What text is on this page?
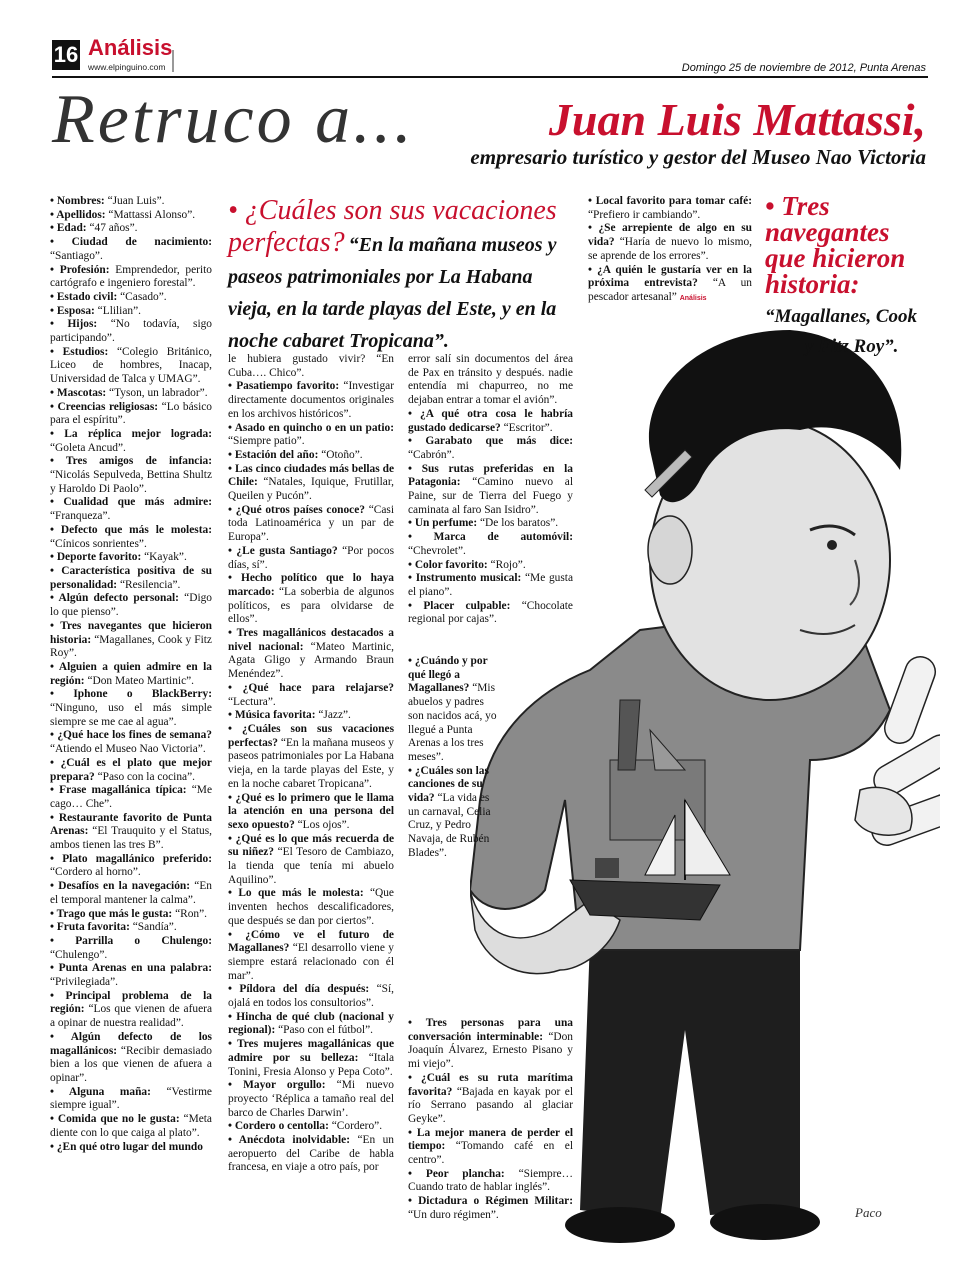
16 Análisis
www.elpinguino.com	Domingo 25 de noviembre de 2012, Punta Arenas
Retruco a...	Juan Luis Mattassi,
empresario turístico y gestor del Museo Nao Victoria

• Nombres: “Juan Luis”.

• Apellidos: “Mattassi Alonso”.

• Edad: “47 años”.

• Ciudad de nacimiento: “Santiago”.

• Profesión: Emprendedor, perito cartógrafo e ingeniero forestal”.

• Estado civil: “Casado”.

• Esposa: “Llilian”.

• Hijos: “No todavía, sigo participando”.

• Estudios: “Colegio Británico, Liceo de hombres, Inacap, Universidad de Talca y UMAG”.

• Mascotas: “Tyson, un labrador”.

• Creencias religiosas: “Lo básico para el espíritu”.

• La réplica mejor lograda: “Goleta Ancud”.

• Tres amigos de infancia: “Nicolás Sepulveda, Bettina Shultz y Haroldo Di Paolo”.

• Cualidad que más admire: “Franqueza”.

• Defecto que más le molesta: “Cínicos sonrientes”.

• Deporte favorito: “Kayak”.

• Característica positiva de su personalidad: “Resilencia”.

• Algún defecto personal: “Digo lo que pienso”.

• Tres navegantes que hicieron historia: “Magallanes, Cook y Fitz Roy”.

• Alguien a quien admire en la región: “Don Mateo Martinic”.

• Iphone o BlackBerry: “Ninguno, uso el más simple siempre se me cae al agua”.

• ¿Qué hace los fines de semana? “Atiendo el Museo Nao Victoria”.

• ¿Cuál es el plato que mejor prepara? “Paso con la cocina”.

• Frase magallánica típica: “Me cago… Che”.

• Restaurante favorito de Punta Arenas: “El Trauquito y el Status, ambos tienen las tres B”.

• Plato magallánico preferido: “Cordero al horno”.

• Desafíos en la navegación: “En el temporal mantener la calma”.

• Trago que más le gusta: “Ron”.

• Fruta favorita: “Sandía”.

• Parrilla o Chulengo: “Chulengo”.

• Punta Arenas en una palabra: “Privilegiada”.

• Principal problema de la región: “Los que vienen de afuera a opinar de nuestra realidad”.

• Algún defecto de los magallánicos: “Recibir demasiado bien a los que vienen de afuera a opinar”.

• Alguna maña: “Vestirme siempre igual”.

• Comida que no le gusta: “Meta diente con lo que caiga al plato”.

• ¿En qué otro lugar del mundo

• ¿Cuáles son sus vacaciones perfectas? “En la mañana museos y paseos patrimoniales por La Habana vieja, en la tarde playas del Este, y en la noche cabaret Tropicana”.

le hubiera gustado vivir? “En Cuba…. Chico”.

• Pasatiempo favorito: “Investigar directamente documentos originales en los archivos históricos”.

• Asado en quincho o en un patio: “Siempre patio”.

• Estación del año: “Otoño”.

• Las cinco ciudades más bellas de Chile: “Natales, Iquique, Frutillar, Queilen y Pucón”.

• ¿Qué otros países conoce? “Casi toda Latinoamérica y un par de Europa”.

• ¿Le gusta Santiago? “Por pocos días, sí”.

• Hecho político que lo haya marcado: “La soberbia de algunos políticos, es para olvidarse de ellos”.

• Tres magallánicos destacados a nivel nacional: “Mateo Martinic, Agata Gligo y Armando Braun Menéndez”.

• ¿Qué hace para relajarse? “Lectura”.

• Música favorita: “Jazz”.

• ¿Cuáles son sus vacaciones perfectas? “En la mañana museos y paseos patrimoniales por La Habana vieja, en la tarde playas del Este, y en la noche cabaret Tropicana”.

• ¿Qué es lo primero que le llama la atención en una persona del sexo opuesto? “Los ojos”.

• ¿Qué es lo que más recuerda de su niñez? “El Tesoro de Cambiazo, la tienda que tenía mi abuelo Aquilino”.

• Lo que más le molesta: “Que inventen hechos descalificadores, que después se dan por ciertos”.

• ¿Cómo ve el futuro de Magallanes? “El desarrollo viene y siempre estará relacionado con él mar”.

• Píldora del día después: “Sí, ojalá en todos los consultorios”.

• Hincha de qué club (nacional y regional): “Paso con el fútbol”.

• Tres mujeres magallánicas que admire por su belleza: “Itala Tonini, Fresia Alonso y Pepa Coto”.

• Mayor orgullo: “Mi nuevo proyecto ‘Réplica a tamaño real del barco de Charles Darwin’.

• Cordero o centolla: “Cordero”.

• Anécdota inolvidable: “En un aeropuerto del Caribe de habla francesa, en viaje a otro país, por

error salí sin documentos del área de Pax en tránsito y después. nadie entendía mi chapurreo, no me dejaban entrar a tomar el avión”.

• ¿A qué otra cosa le habría gustado dedicarse? “Escritor”.

• Garabato que más dice: “Cabrón”.

• Sus rutas preferidas en la Patagonia: “Camino nuevo al Paine, sur de Tierra del Fuego y caminata al faro San Isidro”.

• Un perfume: “De los baratos”.

• Marca de automóvil: “Chevrolet”.

• Color favorito: “Rojo”.

• Instrumento musical: “Me gusta el piano”.

• Placer culpable: “Chocolate regional por cajas”.

• ¿Cuándo y por qué llegó a Magallanes? “Mis abuelos y padres son nacidos acá, yo llegué a Punta Arenas a los tres meses”.

• ¿Cuáles son las canciones de su vida? “La vida es un carnaval, Celia Cruz, y Pedro Navaja, de Rubén Blades”.

• Tres personas para una conversación interminable: “Don Joaquín Álvarez, Ernesto Pisano y mi viejo”.

• ¿Cuál es su ruta marítima favorita? “Bajada en kayak por el río Serrano pasando al glaciar Geyke”.

• La mejor manera de perder el tiempo: “Tomando café en el centro”.

• Peor plancha: “Siempre… Cuando trato de hablar inglés”.

• Dictadura o Régimen Militar: “Un duro régimen”.

• Local favorito para tomar café: “Prefiero ir cambiando”.

• ¿Se arrepiente de algo en su vida? “Haría de nuevo lo mismo, se aprende de los errores”.

• ¿A quién le gustaría ver en la próxima entrevista? “A un pescador artesanal” Análisis

• Tres navegantes que hicieron historia:
“Magallanes, Cook
y Fitz Roy”.
Paco
